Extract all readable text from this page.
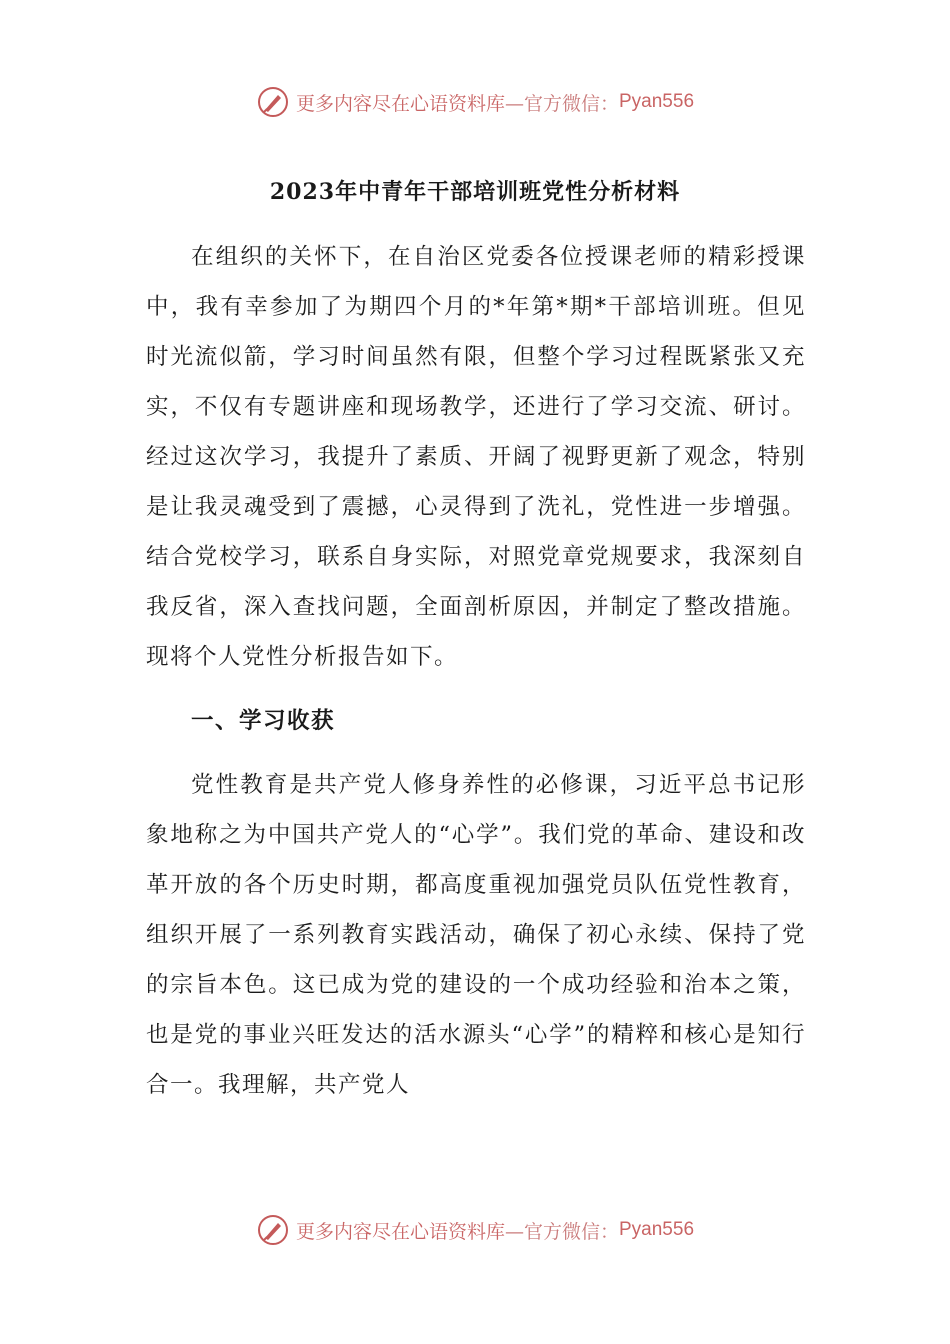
更多内容尽在心语资料库 —官方微信： Pyan556
2023年中青年干部培训班党性分析材料

在组织的关怀下，在自治区党委各位授课老师的精彩授课中，我有幸参加了为期四个月的*年第*期*干部培训班。但见时光流似箭，学习时间虽然有限，但整个学习过程既紧张又充实，不仅有专题讲座和现场教学，还进行了学习交流、研讨。经过这次学习，我提升了素质、开阔了视野更新了观念，特别是让我灵魂受到了震撼，心灵得到了洗礼，党性进一步增强。结合党校学习，联系自身实际，对照党章党规要求，我深刻自我反省，深入查找问题，全面剖析原因，并制定了整改措施。现将个人党性分析报告如下。

一、学习收获

党性教育是共产党人修身养性的必修课，习近平总书记形象地称之为中国共产党人的“心学”。我们党的革命、建设和改革开放的各个历史时期，都高度重视加强党员队伍党性教育，组织开展了一系列教育实践活动，确保了初心永续、保持了党的宗旨本色。这已成为党的建设的一个成功经验和治本之策，也是党的事业兴旺发达的活水源头“心学”的精粹和核心是知行合一。我理解，共产党人

更多内容尽在心语资料库 —官方微信： Pyan556
